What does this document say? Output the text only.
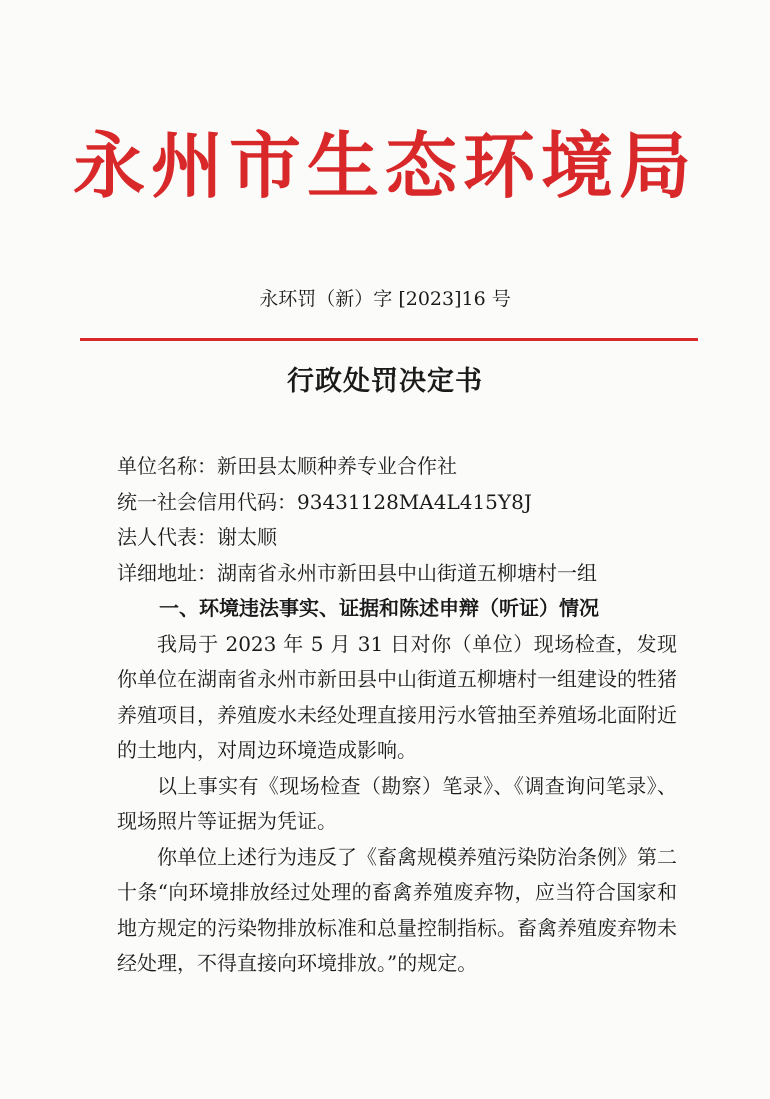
永州市生态环境局
永环罚（新）字 [2023]16 号
行政处罚决定书
单位名称：新田县太顺种养专业合作社
统一社会信用代码：93431128MA4L415Y8J
法人代表：谢太顺
详细地址：湖南省永州市新田县中山街道五柳塘村一组
一、环境违法事实、证据和陈述申辩（听证）情况

我局于 2023 年 5 月 31 日对你（单位）现场检查，发现你单位在湖南省永州市新田县中山街道五柳塘村一组建设的牲猪养殖项目，养殖废水未经处理直接用污水管抽至养殖场北面附近的土地内，对周边环境造成影响。

以上事实有《现场检查（勘察）笔录》、《调查询问笔录》、现场照片等证据为凭证。

你单位上述行为违反了《畜禽规模养殖污染防治条例》第二十条“向环境排放经过处理的畜禽养殖废弃物，应当符合国家和地方规定的污染物排放标准和总量控制指标。畜禽养殖废弃物未经处理，不得直接向环境排放。”的规定。
